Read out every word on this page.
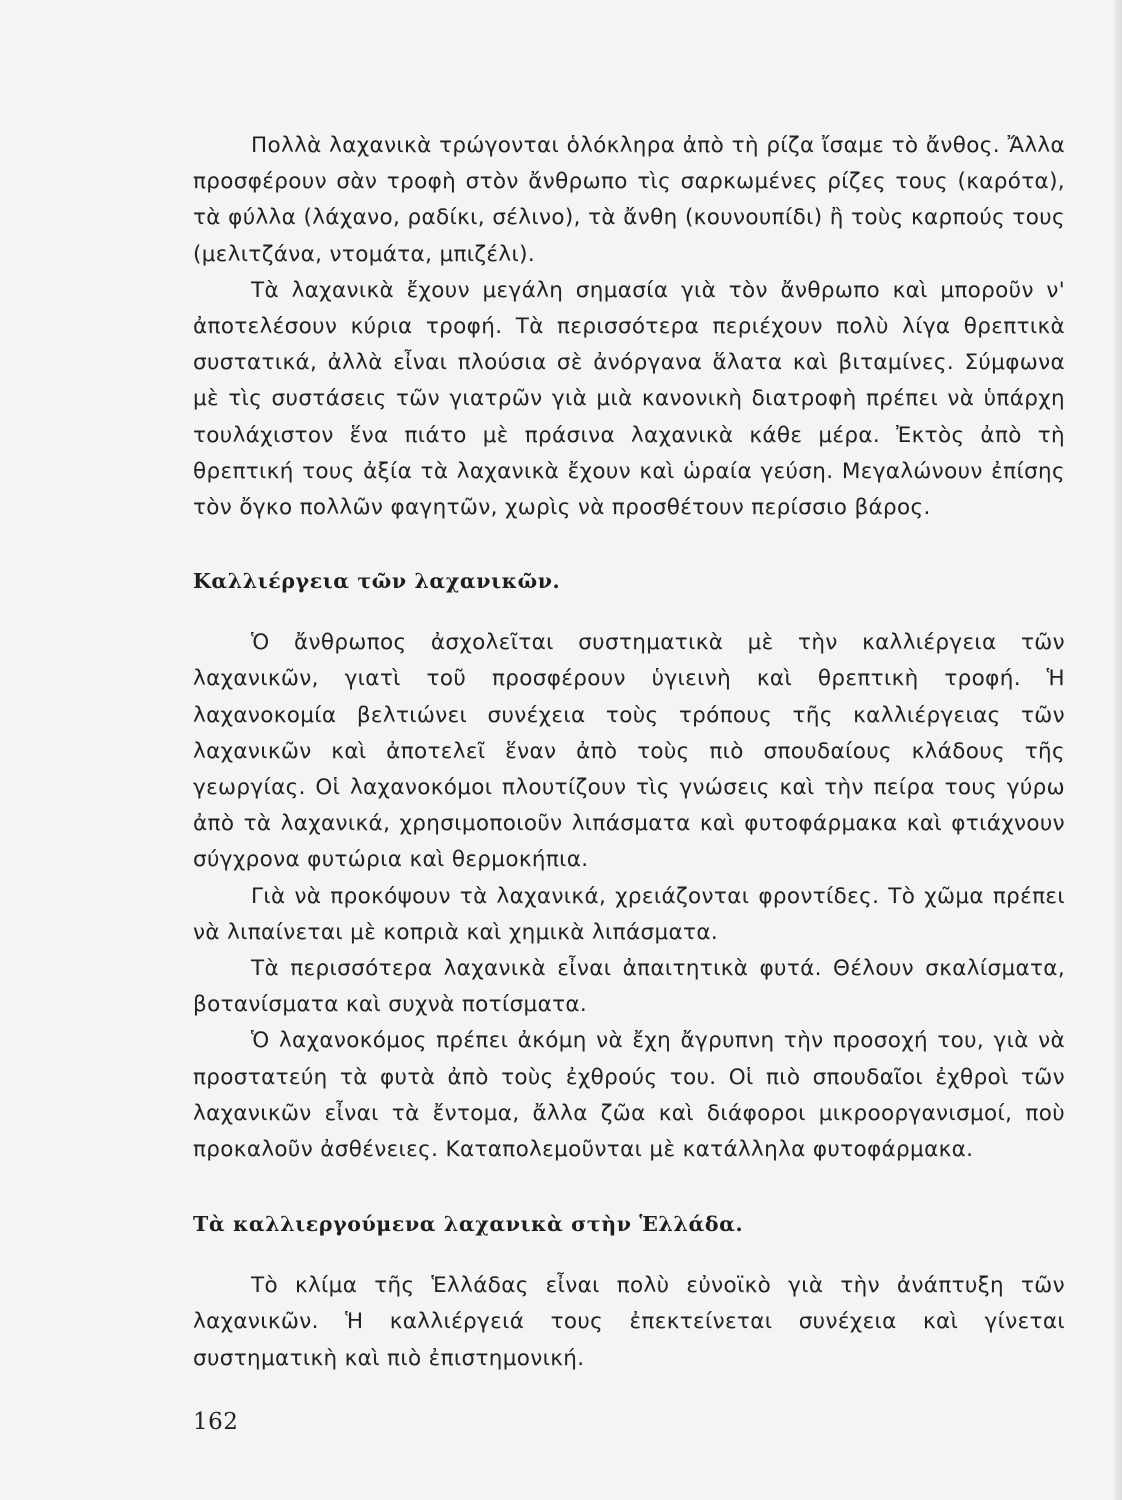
Πολλὰ λαχανικὰ τρώγονται ὁλόκληρα ἀπὸ τὴ ρίζα ἴσαμε τὸ ἄνθος. Ἄλλα προσφέρουν σὰν τροφὴ στὸν ἄνθρωπο τὶς σαρκωμένες ρίζες τους (καρότα), τὰ φύλλα (λάχανο, ραδίκι, σέλινο), τὰ ἄνθη (κουνουπίδι) ἢ τοὺς καρπούς τους (μελιτζάνα, ντομάτα, μπιζέλι).

Τὰ λαχανικὰ ἔχουν μεγάλη σημασία γιὰ τὸν ἄνθρωπο καὶ μποροῦν ν' ἀποτελέσουν κύρια τροφή. Τὰ περισσότερα περιέχουν πολὺ λίγα θρεπτικὰ συστατικά, ἀλλὰ εἶναι πλούσια σὲ ἀνόργανα ἅλατα καὶ βιταμίνες. Σύμφωνα μὲ τὶς συστάσεις τῶν γιατρῶν γιὰ μιὰ κανονικὴ διατροφὴ πρέπει νὰ ὑπάρχη τουλάχιστον ἕνα πιάτο μὲ πράσινα λαχανικὰ κάθε μέρα. Ἐκτὸς ἀπὸ τὴ θρεπτική τους ἀξία τὰ λαχανικὰ ἔχουν καὶ ὡραία γεύση. Μεγαλώνουν ἐπίσης τὸν ὄγκο πολλῶν φαγητῶν, χωρὶς νὰ προσθέτουν περίσσιο βάρος.

Καλλιέργεια τῶν λαχανικῶν.

Ὁ ἄνθρωπος ἀσχολεῖται συστηματικὰ μὲ τὴν καλλιέργεια τῶν λαχανικῶν, γιατὶ τοῦ προσφέρουν ὑγιεινὴ καὶ θρεπτικὴ τροφή. Ἡ λαχανοκομία βελτιώνει συνέχεια τοὺς τρόπους τῆς καλλιέργειας τῶν λαχανικῶν καὶ ἀποτελεῖ ἕναν ἀπὸ τοὺς πιὸ σπουδαίους κλάδους τῆς γεωργίας. Οἱ λαχανοκόμοι πλουτίζουν τὶς γνώσεις καὶ τὴν πείρα τους γύρω ἀπὸ τὰ λαχανικά, χρησιμοποιοῦν λιπάσματα καὶ φυτοφάρμακα καὶ φτιάχνουν σύγχρονα φυτώρια καὶ θερμοκήπια.

Γιὰ νὰ προκόψουν τὰ λαχανικά, χρειάζονται φροντίδες. Τὸ χῶμα πρέπει νὰ λιπαίνεται μὲ κοπριὰ καὶ χημικὰ λιπάσματα.

Τὰ περισσότερα λαχανικὰ εἶναι ἀπαιτητικὰ φυτά. Θέλουν σκαλίσματα, βοτανίσματα καὶ συχνὰ ποτίσματα.

Ὁ λαχανοκόμος πρέπει ἀκόμη νὰ ἔχη ἄγρυπνη τὴν προσοχή του, γιὰ νὰ προστατεύη τὰ φυτὰ ἀπὸ τοὺς ἐχθρούς του. Οἱ πιὸ σπουδαῖοι ἐχθροὶ τῶν λαχανικῶν εἶναι τὰ ἔντομα, ἄλλα ζῶα καὶ διάφοροι μικροοργανισμοί, ποὺ προκαλοῦν ἀσθένειες. Καταπολεμοῦνται μὲ κατάλληλα φυτοφάρμακα.

Τὰ καλλιεργούμενα λαχανικὰ στὴν Ἑλλάδα.

Τὸ κλίμα τῆς Ἑλλάδας εἶναι πολὺ εὐνοϊκὸ γιὰ τὴν ἀνάπτυξη τῶν λαχανικῶν. Ἡ καλλιέργειά τους ἐπεκτείνεται συνέχεια καὶ γίνεται συστηματικὴ καὶ πιὸ ἐπιστημονική.

162
